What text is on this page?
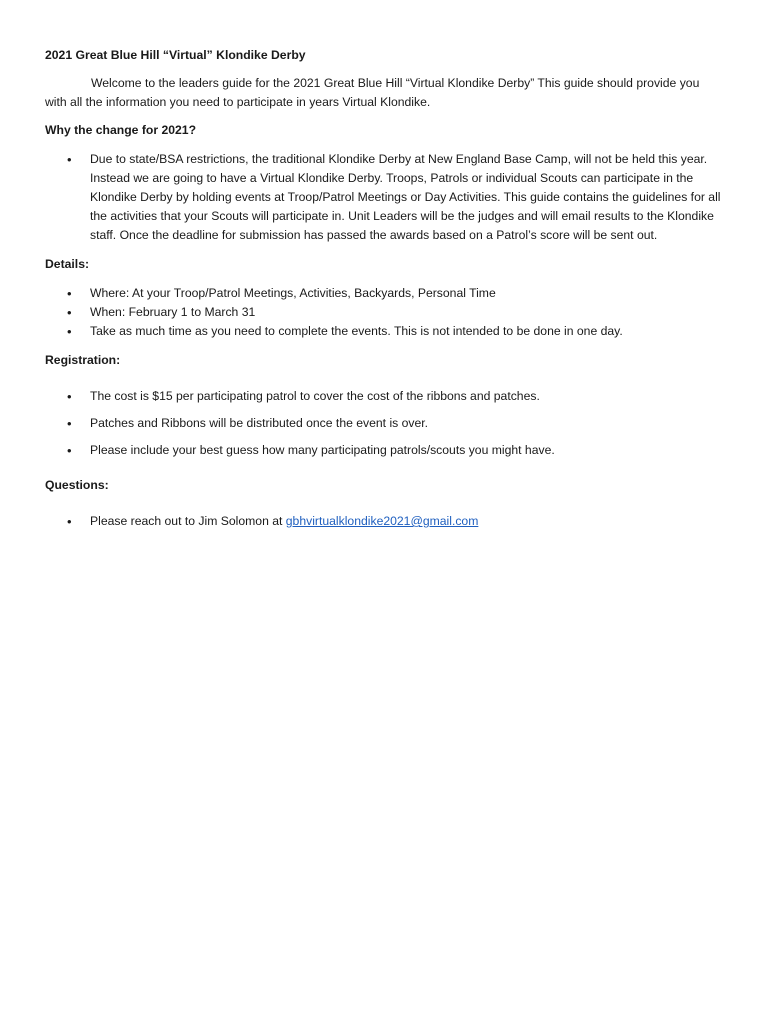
2021 Great Blue Hill “Virtual” Klondike Derby
Welcome to the leaders guide for the 2021 Great Blue Hill “Virtual Klondike Derby” This guide should provide you with all the information you need to participate in years Virtual Klondike.
Why the change for 2021?
• Due to state/BSA restrictions, the traditional Klondike Derby at New England Base Camp, will not be held this year. Instead we are going to have a Virtual Klondike Derby. Troops, Patrols or individual Scouts can participate in the Klondike Derby by holding events at Troop/Patrol Meetings or Day Activities. This guide contains the guidelines for all the activities that your Scouts will participate in. Unit Leaders will be the judges and will email results to the Klondike staff. Once the deadline for submission has passed the awards based on a Patrol’s score will be sent out.
Details:
• Where: At your Troop/Patrol Meetings, Activities, Backyards, Personal Time
• When: February 1 to March 31
• Take as much time as you need to complete the events. This is not intended to be done in one day.
Registration:
• The cost is $15 per participating patrol to cover the cost of the ribbons and patches.
• Patches and Ribbons will be distributed once the event is over.
• Please include your best guess how many participating patrols/scouts you might have.
Questions:
• Please reach out to Jim Solomon at gbhvirtualklondike2021@gmail.com
